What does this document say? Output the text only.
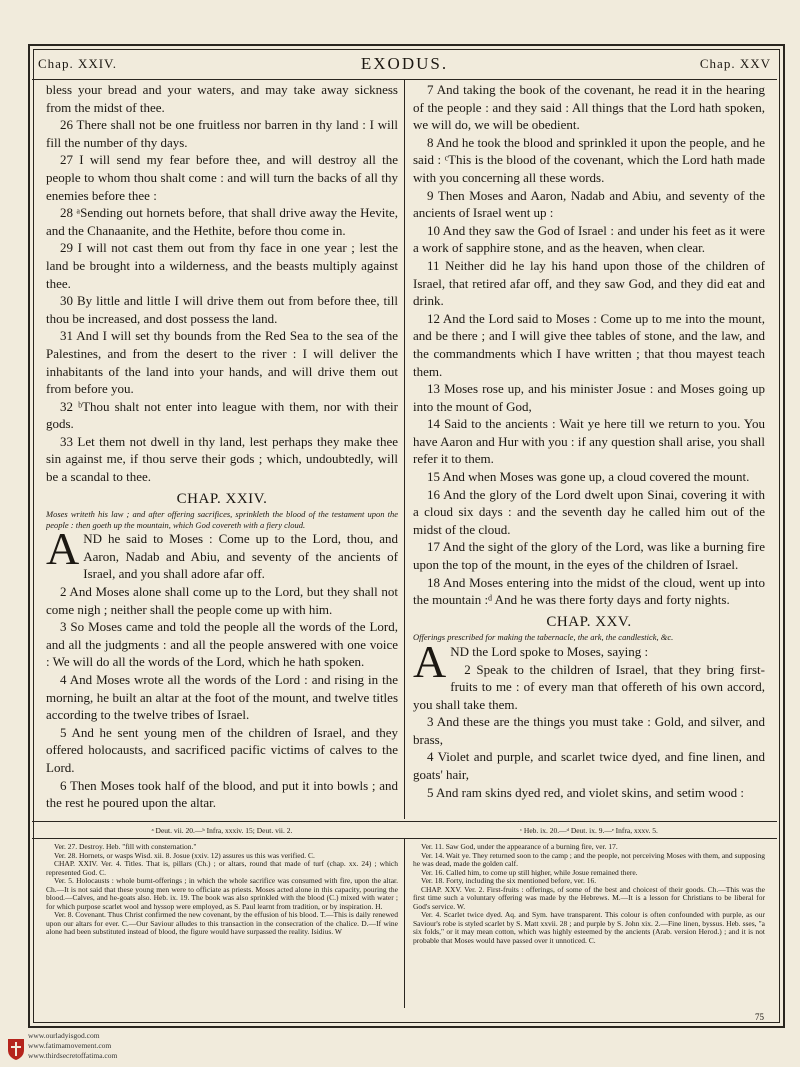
Chap. XXIV.	EXODUS.	Chap. XXV

bless your bread and your waters, and may take away sickness from the midst of thee.

26 There shall not be one fruitless nor barren in thy land : I will fill the number of thy days.

27 I will send my fear before thee, and will destroy all the people to whom thou shalt come : and will turn the backs of all thy enemies before thee :

28 ᵃSending out hornets before, that shall drive away the Hevite, and the Chanaanite, and the Hethite, before thou come in.

29 I will not cast them out from thy face in one year ; lest the land be brought into a wilderness, and the beasts multiply against thee.

30 By little and little I will drive them out from before thee, till thou be increased, and dost possess the land.

31 And I will set thy bounds from the Red Sea to the sea of the Palestines, and from the desert to the river : I will deliver the inhabitants of the land into your hands, and will drive them out from before you.

32 ᵇThou shalt not enter into league with them, nor with their gods.

33 Let them not dwell in thy land, lest perhaps they make thee sin against me, if thou serve their gods ; which, undoubtedly, will be a scandal to thee.

CHAP. XXIV.

Moses writeth his law ; and after offering sacrifices, sprinkleth the blood of the testament upon the people : then goeth up the mountain, which God covereth with a fiery cloud.

A ND he said to Moses : Come up to the Lord, thou, and Aaron, Nadab and Abiu, and seventy of the ancients of Israel, and you shall adore afar off.

2 And Moses alone shall come up to the Lord, but they shall not come nigh ; neither shall the people come up with him.

3 So Moses came and told the people all the words of the Lord, and all the judgments : and all the people answered with one voice : We will do all the words of the Lord, which he hath spoken.

4 And Moses wrote all the words of the Lord : and rising in the morning, he built an altar at the foot of the mount, and twelve titles according to the twelve tribes of Israel.

5 And he sent young men of the children of Israel, and they offered holocausts, and sacrificed pacific victims of calves to the Lord.

6 Then Moses took half of the blood, and put it into bowls ; and the rest he poured upon the altar.

7 And taking the book of the covenant, he read it in the hearing of the people : and they said : All things that the Lord hath spoken, we will do, we will be obedient.

8 And he took the blood and sprinkled it upon the people, and he said : ᶜThis is the blood of the covenant, which the Lord hath made with you concerning all these words.

9 Then Moses and Aaron, Nadab and Abiu, and seventy of the ancients of Israel went up :

10 And they saw the God of Israel : and under his feet as it were a work of sapphire stone, and as the heaven, when clear.

11 Neither did he lay his hand upon those of the children of Israel, that retired afar off, and they saw God, and they did eat and drink.

12 And the Lord said to Moses : Come up to me into the mount, and be there ; and I will give thee tables of stone, and the law, and the commandments which I have written ; that thou mayest teach them.

13 Moses rose up, and his minister Josue : and Moses going up into the mount of God,

14 Said to the ancients : Wait ye here till we return to you. You have Aaron and Hur with you : if any question shall arise, you shall refer it to them.

15 And when Moses was gone up, a cloud covered the mount.

16 And the glory of the Lord dwelt upon Sinai, covering it with a cloud six days : and the seventh day he called him out of the midst of the cloud.

17 And the sight of the glory of the Lord, was like a burning fire upon the top of the mount, in the eyes of the children of Israel.

18 And Moses entering into the midst of the cloud, went up into the mountain :ᵈ And he was there forty days and forty nights.

CHAP. XXV.

Offerings prescribed for making the tabernacle, the ark, the candlestick, &c.

A ND the Lord spoke to Moses, saying :

2 Speak to the children of Israel, that they bring first-fruits to me : of every man that offereth of his own accord, you shall take them.

3 And these are the things you must take : Gold, and silver, and brass,

4 Violet and purple, and scarlet twice dyed, and fine linen, and goats' hair,

5 And ram skins dyed red, and violet skins, and setim wood :

ᵃ Deut. vii. 20.—ᵇ Infra, xxxiv. 15; Deut. vii. 2.	ᶜ Heb. ix. 20.—ᵈ Deut. ix. 9.—ᵉ Infra, xxxv. 5.

Ver. 27. Destroy. Heb. "fill with consternation."

Ver. 28. Hornets, or wasps Wisd. xii. 8. Josue (xxiv. 12) assures us this was verified. C.

CHAP. XXIV. Ver. 4. Titles. That is, pillars (Ch.) ; or altars, round that made of turf (chap. xx. 24) ; which represented God. C.

Ver. 5. Holocausts : whole burnt-offerings ; in which the whole sacrifice was consumed with fire, upon the altar. Ch.—It is not said that these young men were to officiate as priests. Moses acted alone in this capacity, pouring the blood.—Calves, and he-goats also. Heb. ix. 19. The book was also sprinkled with the blood (C.) mixed with water ; for which purpose scarlet wool and hyssop were employed, as S. Paul learnt from tradition, or by inspiration. H.

Ver. 8. Covenant. Thus Christ confirmed the new covenant, by the effusion of his blood. T.—This is daily renewed upon our altars for ever. C.—Our Saviour alludes to this transaction in the consecration of the chalice. D.—If wine alone had been substituted instead of blood, the figure would have surpassed the reality. Isidius. W

Ver. 11. Saw God, under the appearance of a burning fire, ver. 17.

Ver. 14. Wait ye. They returned soon to the camp ; and the people, not perceiving Moses with them, and supposing he was dead, made the golden calf.

Ver. 16. Called him, to come up still higher, while Josue remained there.

Ver. 18. Forty, including the six mentioned before, ver. 16.

CHAP. XXV. Ver. 2. First-fruits : offerings, of some of the best and choicest of their goods. Ch.—This was the first time such a voluntary offering was made by the Hebrews. M.—It is a lesson for Christians to be liberal for God's service. W.

Ver. 4. Scarlet twice dyed. Aq. and Sym. have transparent. This colour is often confounded with purple, as our Saviour's robe is styled scarlet by S. Matt xxvii. 28 ; and purple by S. John xix. 2.—Fine linen, byssus. Heb. sses, "a six folds," or it may mean cotton, which was highly esteemed by the ancients (Arab. version Herod.) ; and it is not probable that Moses would have passed over it unnoticed. C.

75
www.ourladyisgod.com
www.fatimamovement.com
www.thirdsecretoffatima.com
